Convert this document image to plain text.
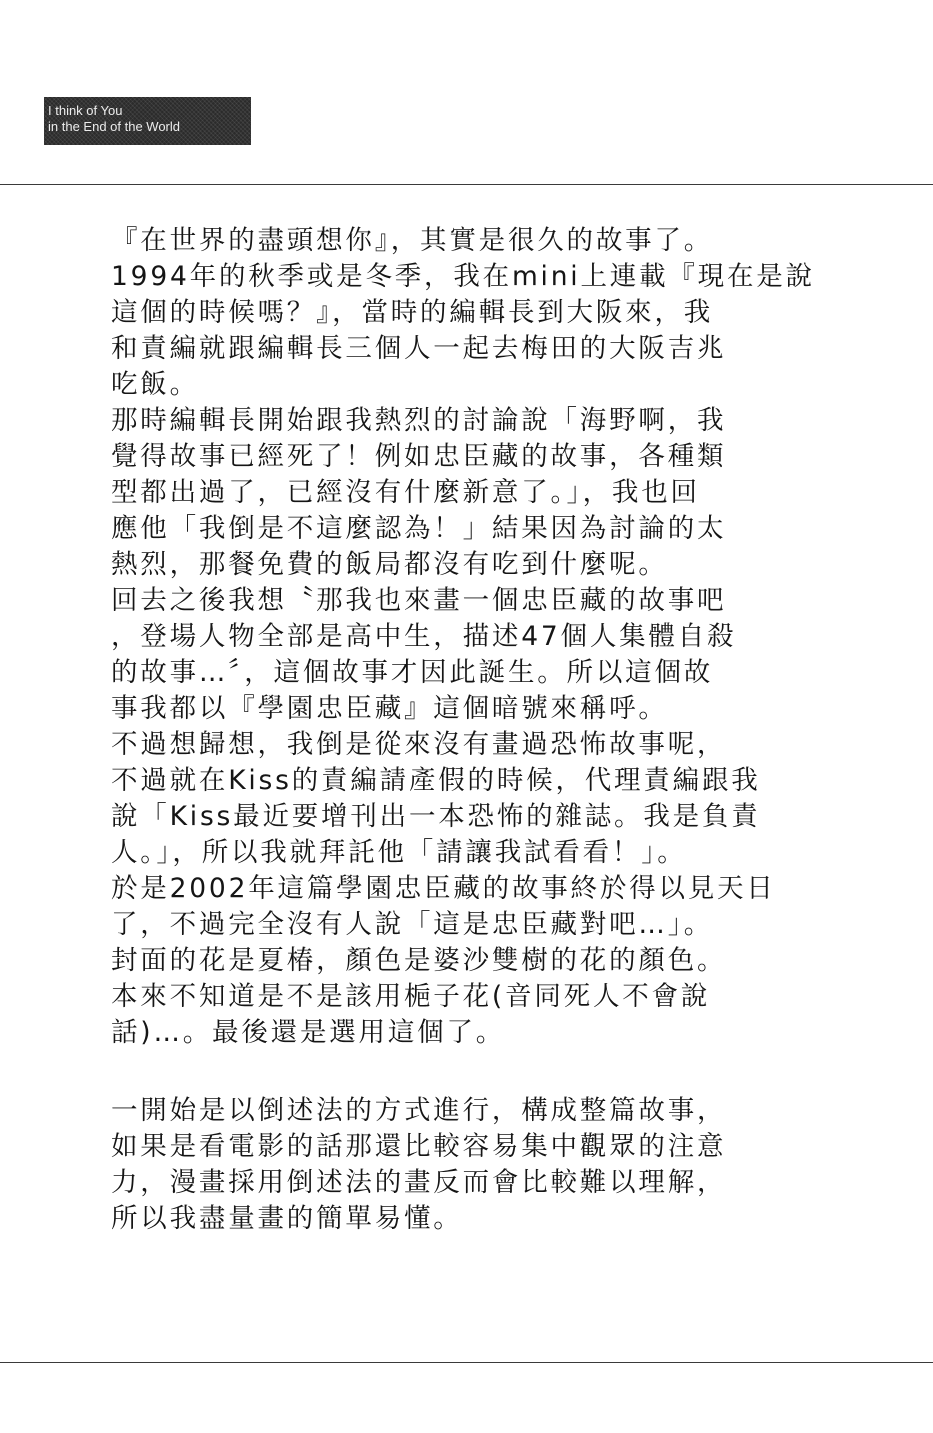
I think of You
in the End of the World
『在世界的盡頭想你』，其實是很久的故事了。
1994年的秋季或是冬季，我在mini上連載『現在是說
這個的時候嗎？』，當時的編輯長到大阪來，我
和責編就跟編輯長三個人一起去梅田的大阪吉兆
吃飯。
那時編輯長開始跟我熱烈的討論說「海野啊，我
覺得故事已經死了！例如忠臣藏的故事，各種類
型都出過了，已經沒有什麼新意了。」，我也回
應他「我倒是不這麼認為！」結果因為討論的太
熱烈，那餐免費的飯局都沒有吃到什麼呢。
回去之後我想〝那我也來畫一個忠臣藏的故事吧
，登場人物全部是高中生，描述47個人集體自殺
的故事…〞，這個故事才因此誕生。所以這個故
事我都以『學園忠臣藏』這個暗號來稱呼。
不過想歸想，我倒是從來沒有畫過恐怖故事呢，
不過就在Kiss的責編請產假的時候，代理責編跟我
說「Kiss最近要增刊出一本恐怖的雜誌。我是負責
人。」，所以我就拜託他「請讓我試看看！」。
於是2002年這篇學園忠臣藏的故事終於得以見天日
了，不過完全沒有人說「這是忠臣藏對吧…」。
封面的花是夏椿，顏色是婆沙雙樹的花的顏色。
本來不知道是不是該用梔子花(音同死人不會說
話)…。最後還是選用這個了。
一開始是以倒述法的方式進行，構成整篇故事，
如果是看電影的話那還比較容易集中觀眾的注意
力，漫畫採用倒述法的畫反而會比較難以理解，
所以我盡量畫的簡單易懂。
